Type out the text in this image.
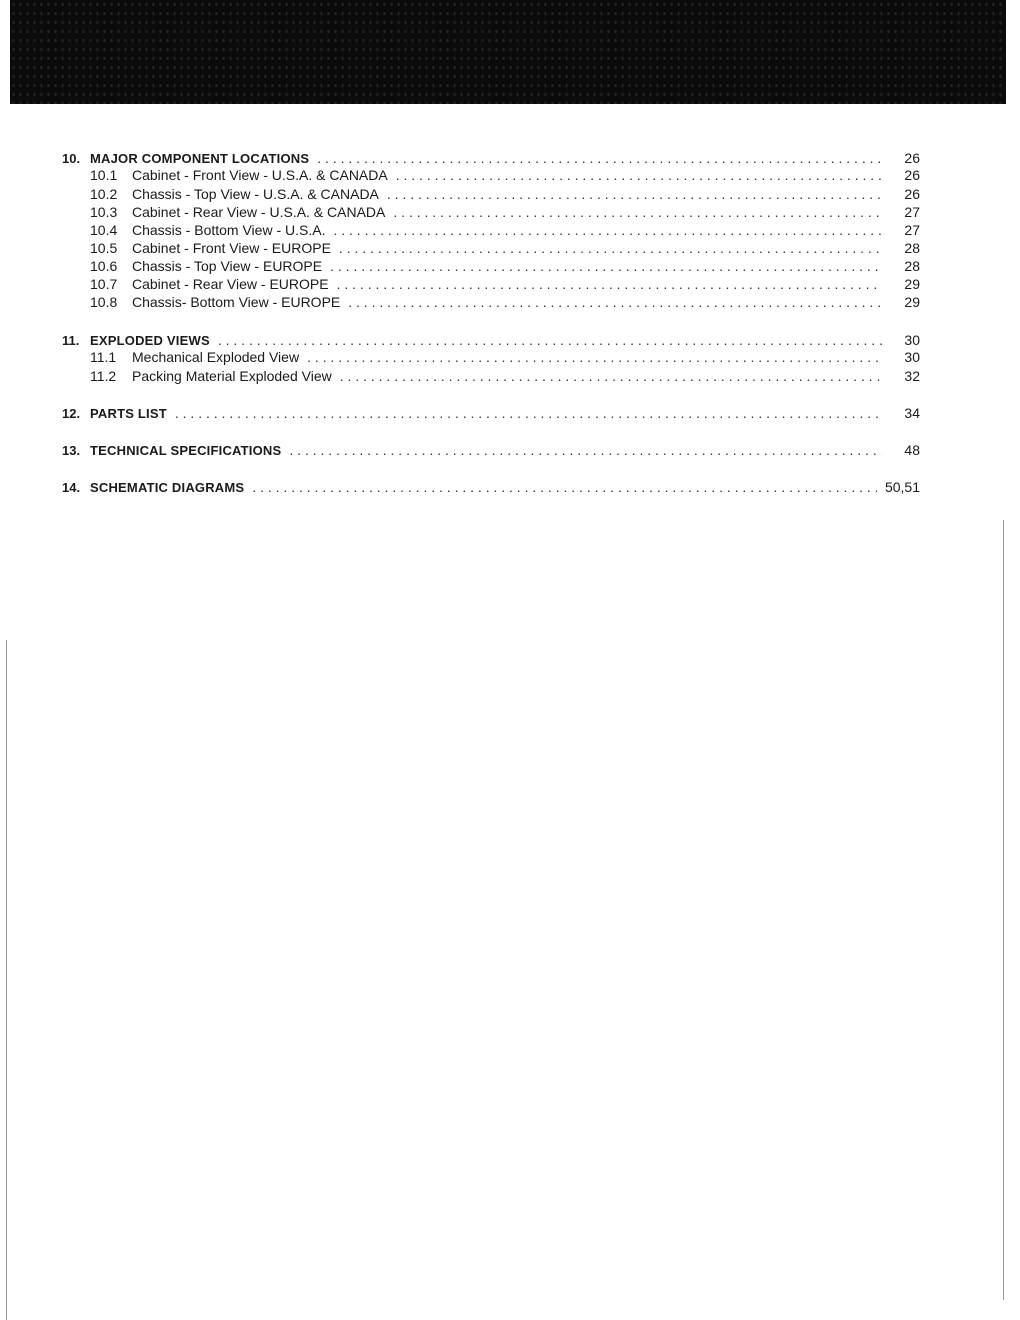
10. MAJOR COMPONENT LOCATIONS . . .	26
10.1	Cabinet - Front View - U.S.A. & CANADA . . .	26
10.2	Chassis - Top View - U.S.A. & CANADA . . .	26
10.3	Cabinet - Rear View - U.S.A. & CANADA . . .	27
10.4	Chassis - Bottom View - U.S.A. . . .	27
10.5	Cabinet - Front View - EUROPE . . .	28
10.6	Chassis - Top View - EUROPE . . .	28
10.7	Cabinet - Rear View - EUROPE . . .	29
10.8	Chassis- Bottom View - EUROPE . . .	29
11. EXPLODED VIEWS . . .	30
11.1	Mechanical Exploded View . . .	30
11.2	Packing Material Exploded View . . .	32
12. PARTS LIST . . .	34
13. TECHNICAL SPECIFICATIONS . . .	48
14. SCHEMATIC DIAGRAMS . . .	50,51
